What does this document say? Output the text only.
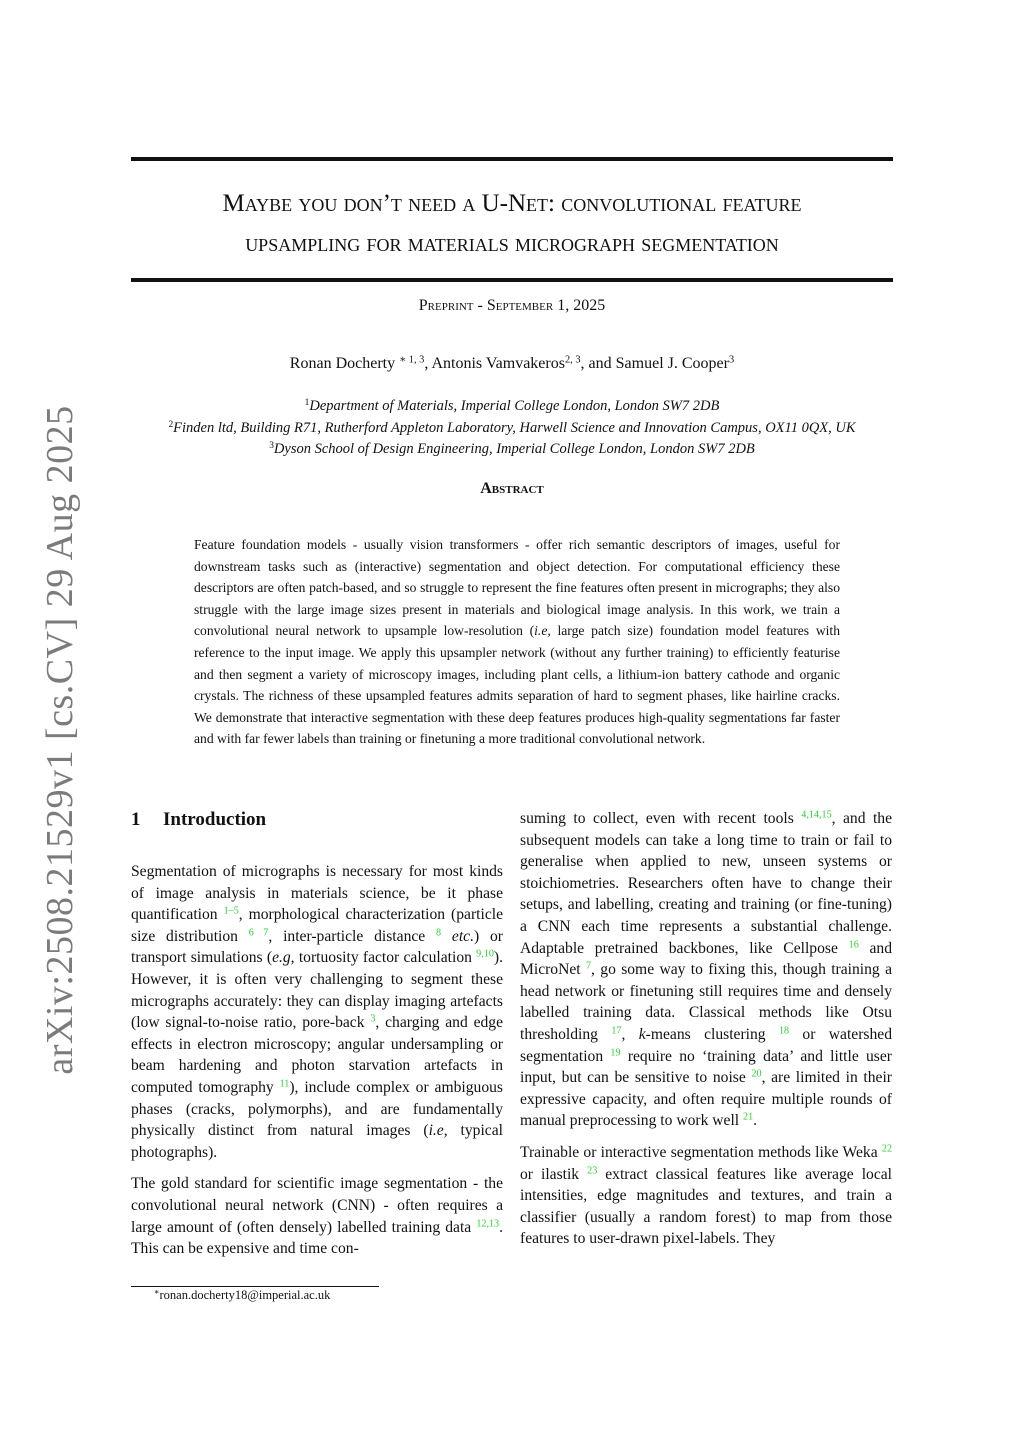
arXiv:2508.21529v1 [cs.CV] 29 Aug 2025
Maybe you don’t need a U-Net: convolutional feature
upsampling for materials micrograph segmentation
Preprint - September 1, 2025
Ronan Docherty $^{∗ 1, 3}$, Antonis Vamvakeros$^{2, 3}$, and Samuel J. Cooper$^3$
$^1$Department of Materials, Imperial College London, London SW7 2DB
$^2$Finden ltd, Building R71, Rutherford Appleton Laboratory, Harwell Science and Innovation Campus, OX11 0QX, UK
$^3$Dyson School of Design Engineering, Imperial College London, London SW7 2DB
Abstract

Feature foundation models - usually vision transformers - offer rich semantic descriptors of images, useful for downstream tasks such as (interactive) segmentation and object detection. For computational efficiency these descriptors are often patch-based, and so struggle to represent the fine features often present in micrographs; they also struggle with the large image sizes present in materials and biological image analysis. In this work, we train a convolutional neural network to upsample low-resolution (i.e, large patch size) foundation model features with reference to the input image. We apply this upsampler network (without any further training) to efficiently featurise and then segment a variety of microscopy images, including plant cells, a lithium-ion battery cathode and organic crystals. The richness of these upsampled features admits separation of hard to segment phases, like hairline cracks. We demonstrate that interactive segmentation with these deep features produces high-quality segmentations far faster and with far fewer labels than training or finetuning a more traditional convolutional network.

1 Introduction

Segmentation of micrographs is necessary for most kinds of image analysis in materials science, be it phase quantification $^{1-5}$, morphological characterization (particle size distribution $^{6 7}$, inter-particle distance $^8$ etc.) or transport simulations (e.g, tortuosity factor calculation $^{9,10}$). However, it is often very challenging to segment these micrographs accurately: they can display imaging artefacts (low signal-to-noise ratio, pore-back $^3$, charging and edge effects in electron microscopy; angular undersampling or beam hardening and photon starvation artefacts in computed tomography $^{11}$), include complex or ambiguous phases (cracks, polymorphs), and are fundamentally physically distinct from natural images (i.e, typical photographs).

The gold standard for scientific image segmentation - the convolutional neural network (CNN) - often requires a large amount of (often densely) labelled training data $^{12,13}$. This can be expensive and time con-

suming to collect, even with recent tools $^{4,14,15}$, and the subsequent models can take a long time to train or fail to generalise when applied to new, unseen systems or stoichiometries. Researchers often have to change their setups, and labelling, creating and training (or fine-tuning) a CNN each time represents a substantial challenge. Adaptable pretrained backbones, like Cellpose $^{16}$ and MicroNet $^7$, go some way to fixing this, though training a head network or finetuning still requires time and densely labelled training data. Classical methods like Otsu thresholding $^{17}$, k-means clustering $^{18}$ or watershed segmentation $^{19}$ require no ‘training data’ and little user input, but can be sensitive to noise $^{20}$, are limited in their expressive capacity, and often require multiple rounds of manual preprocessing to work well $^{21}$.

Trainable or interactive segmentation methods like Weka $^{22}$ or ilastik $^{23}$ extract classical features like average local intensities, edge magnitudes and textures, and train a classifier (usually a random forest) to map from those features to user-drawn pixel-labels. They

∗ronan.docherty18@imperial.ac.uk
